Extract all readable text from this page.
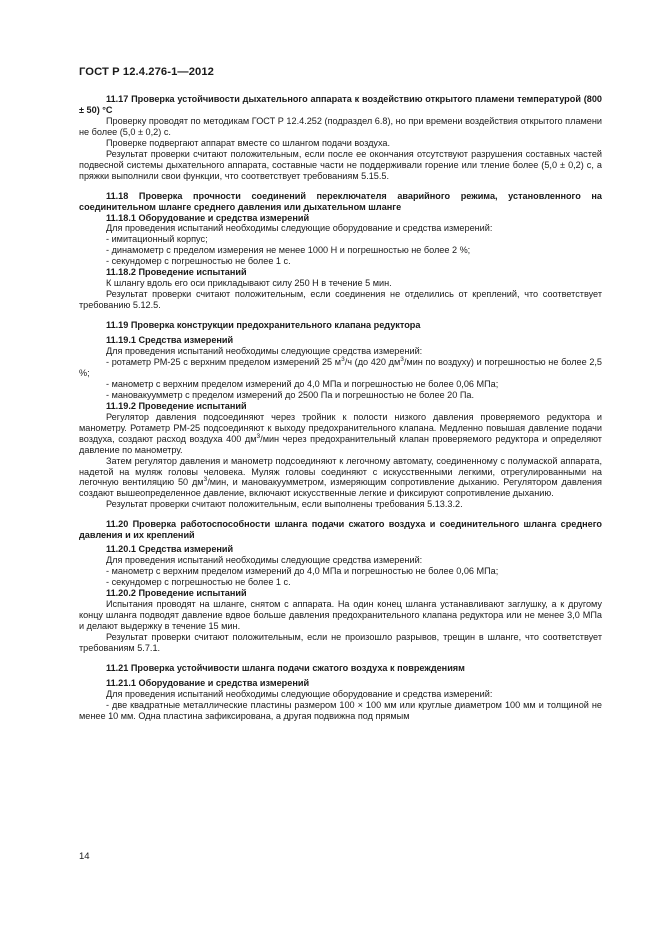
ГОСТ Р 12.4.276-1—2012

11.17 Проверка устойчивости дыхательного аппарата к воздействию открытого пламени температурой (800 ± 50) °С

Проверку проводят по методикам ГОСТ Р 12.4.252 (подраздел 6.8), но при времени воздействия открытого пламени не более (5,0 ± 0,2) с.

Проверке подвергают аппарат вместе со шлангом подачи воздуха.

Результат проверки считают положительным, если после ее окончания отсутствуют разрушения составных частей подвесной системы дыхательного аппарата, составные части не поддерживали горение или тление более (5,0 ± 0,2) с, а пряжки выполнили свои функции, что соответствует требованиям 5.15.5.

11.18 Проверка прочности соединений переключателя аварийного режима, установленного на соединительном шланге среднего давления или дыхательном шланге

11.18.1 Оборудование и средства измерений

Для проведения испытаний необходимы следующие оборудование и средства измерений:

- имитационный корпус;

- динамометр с пределом измерения не менее 1000 Н и погрешностью не более 2 %;

- секундомер с погрешностью не более 1 с.

11.18.2 Проведение испытаний

К шлангу вдоль его оси прикладывают силу 250 Н в течение 5 мин.

Результат проверки считают положительным, если соединения не отделились от креплений, что соответствует требованию 5.12.5.

11.19 Проверка конструкции предохранительного клапана редуктора

11.19.1 Средства измерений

Для проведения испытаний необходимы следующие средства измерений:

- ротаметр РМ-25 с верхним пределом измерений 25 $м^3/ч$ (до 420 $дм^3$/мин по воздуху) и погрешностью не более 2,5 %;

- манометр с верхним пределом измерений до 4,0 МПа и погрешностью не более 0,06 МПа;

- мановакуумметр с пределом измерений до 2500 Па и погрешностью не более 20 Па.

11.19.2 Проведение испытаний

Регулятор давления подсоединяют через тройник к полости низкого давления проверяемого редуктора и манометру. Ротаметр РМ-25 подсоединяют к выходу предохранительного клапана. Медленно повышая давление подачи воздуха, создают расход воздуха 400 $дм^3$/мин через предохранительный клапан проверяемого редуктора и определяют давление по манометру.

Затем регулятор давления и манометр подсоединяют к легочному автомату, соединенному с полумаской аппарата, надетой на муляж головы человека. Муляж головы соединяют с искусственными легкими, отрегулированными на легочную вентиляцию 50 $дм^3$/мин, и мановакуумметром, измеряющим сопротивление дыханию. Регулятором давления создают вышеопределенное давление, включают искусственные легкие и фиксируют сопротивление дыханию.

Результат проверки считают положительным, если выполнены требования 5.13.3.2.

11.20 Проверка работоспособности шланга подачи сжатого воздуха и соединительного шланга среднего давления и их креплений

11.20.1 Средства измерений

Для проведения испытаний необходимы следующие средства измерений:

- манометр с верхним пределом измерений до 4,0 МПа и погрешностью не более 0,06 МПа;

- секундомер с погрешностью не более 1 с.

11.20.2 Проведение испытаний

Испытания проводят на шланге, снятом с аппарата. На один конец шланга устанавливают заглушку, а к другому концу шланга подводят давление вдвое больше давления предохранительного клапана редуктора или не менее 3,0 МПа и делают выдержку в течение 15 мин.

Результат проверки считают положительным, если не произошло разрывов, трещин в шланге, что соответствует требованиям 5.7.1.

11.21 Проверка устойчивости шланга подачи сжатого воздуха к повреждениям

11.21.1 Оборудование и средства измерений

Для проведения испытаний необходимы следующие оборудование и средства измерений:

- две квадратные металлические пластины размером 100 × 100 мм или круглые диаметром 100 мм и толщиной не менее 10 мм. Одна пластина зафиксирована, а другая подвижна под прямым

14
